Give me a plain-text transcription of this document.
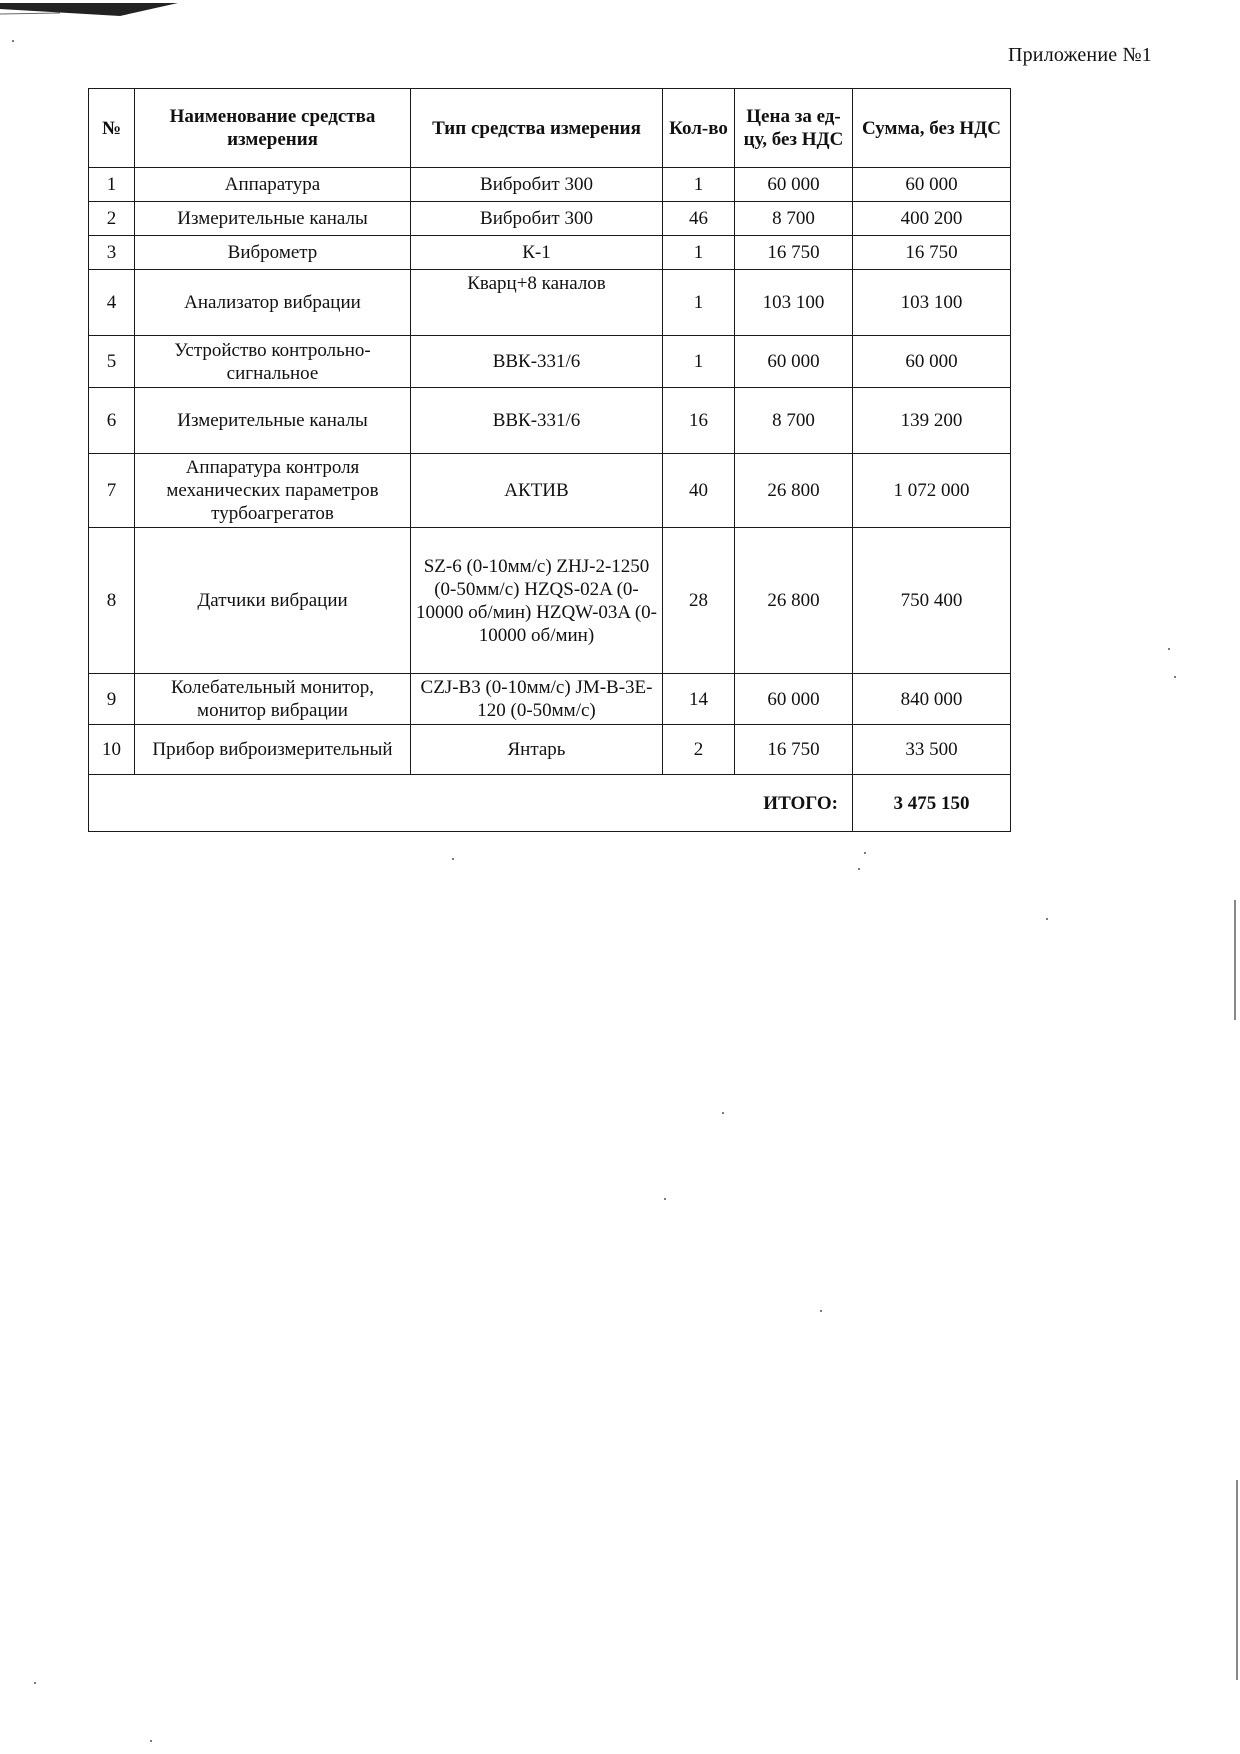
Приложение №1
№	Наименование средства измерения	Тип средства измерения	Кол-во	Цена за ед-цу, без НДС	Сумма, без НДС
1	Аппаратура	Вибробит 300	1	60 000	60 000
2	Измерительные каналы	Вибробит 300	46	8 700	400 200
3	Виброметр	К-1	1	16 750	16 750
4	Анализатор вибрации	Кварц+8 каналов	1	103 100	103 100
5	Устройство контрольно-сигнальное	ВВК-331/6	1	60 000	60 000
6	Измерительные каналы	ВВК-331/6	16	8 700	139 200
7	Аппаратура контроля механических параметров турбоагрегатов	АКТИВ	40	26 800	1 072 000
8	Датчики вибрации	SZ-6 (0-10мм/с) ZHJ-2-1250 (0-50мм/с) HZQS-02A (0-10000 об/мин) HZQW-03A (0-10000 об/мин)	28	26 800	750 400
9	Колебательный монитор, монитор вибрации	CZJ-B3 (0-10мм/с) JM-B-3E-120 (0-50мм/с)	14	60 000	840 000
10	Прибор виброизмерительный	Янтарь	2	16 750	33 500
ИТОГО:					3 475 150
